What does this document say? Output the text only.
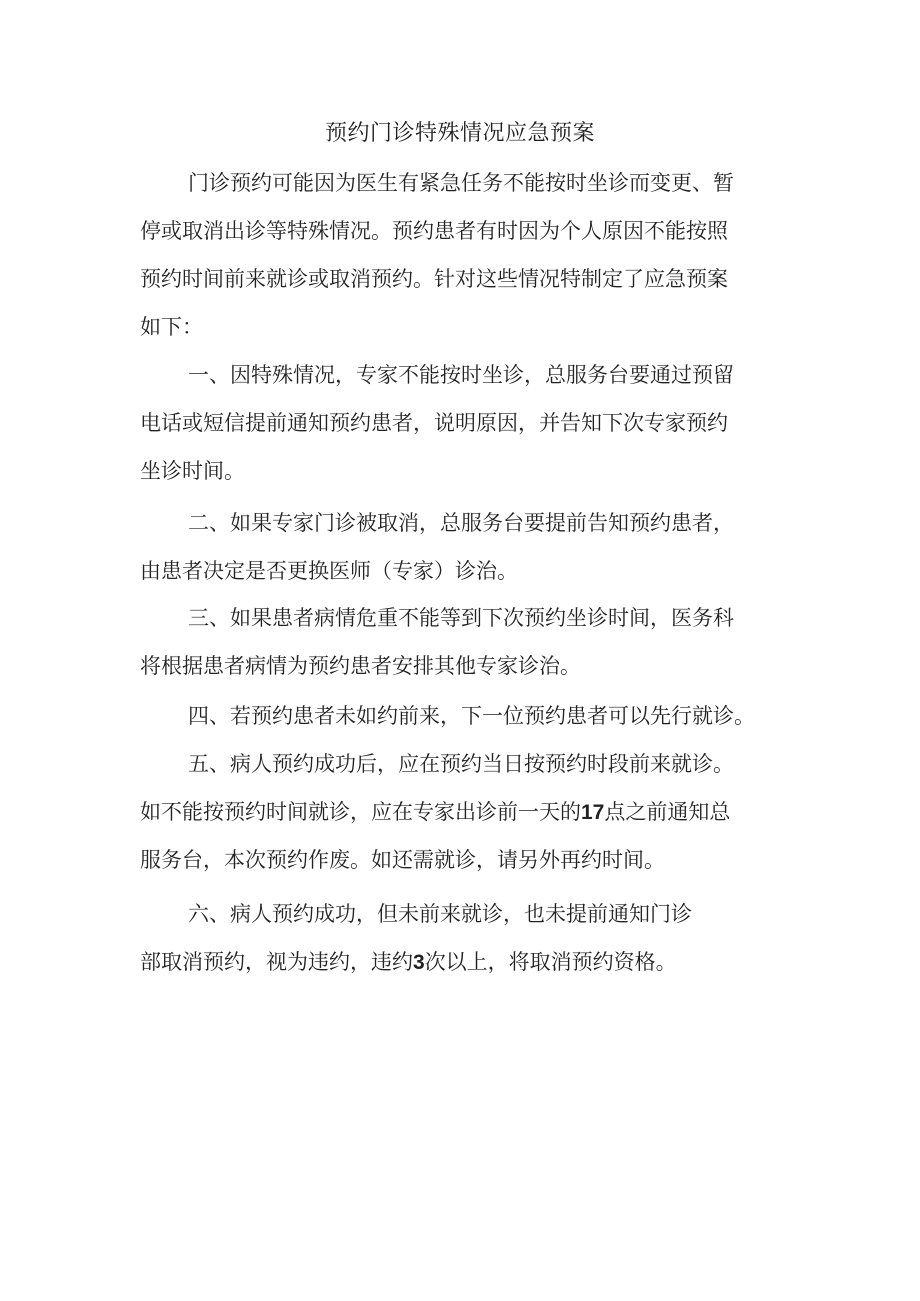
预约门诊特殊情况应急预案
门诊预约可能因为医生有紧急任务不能按时坐诊而变更、暂
停或取消出诊等特殊情况。预约患者有时因为个人原因不能按照
预约时间前来就诊或取消预约。针对这些情况特制定了应急预案
如下：
一、因特殊情况，专家不能按时坐诊，总服务台要通过预留
电话或短信提前通知预约患者，说明原因，并告知下次专家预约
坐诊时间。
二、如果专家门诊被取消，总服务台要提前告知预约患者，
由患者决定是否更换医师（专家）诊治。
三、如果患者病情危重不能等到下次预约坐诊时间，医务科
将根据患者病情为预约患者安排其他专家诊治。
四、若预约患者未如约前来，下一位预约患者可以先行就诊。
五、病人预约成功后，应在预约当日按预约时段前来就诊。
如不能按预约时间就诊，应在专家出诊前一天的17点之前通知总
服务台，本次预约作废。如还需就诊，请另外再约时间。
六、病人预约成功，但未前来就诊，也未提前通知门诊
部取消预约，视为违约，违约3次以上，将取消预约资格。
